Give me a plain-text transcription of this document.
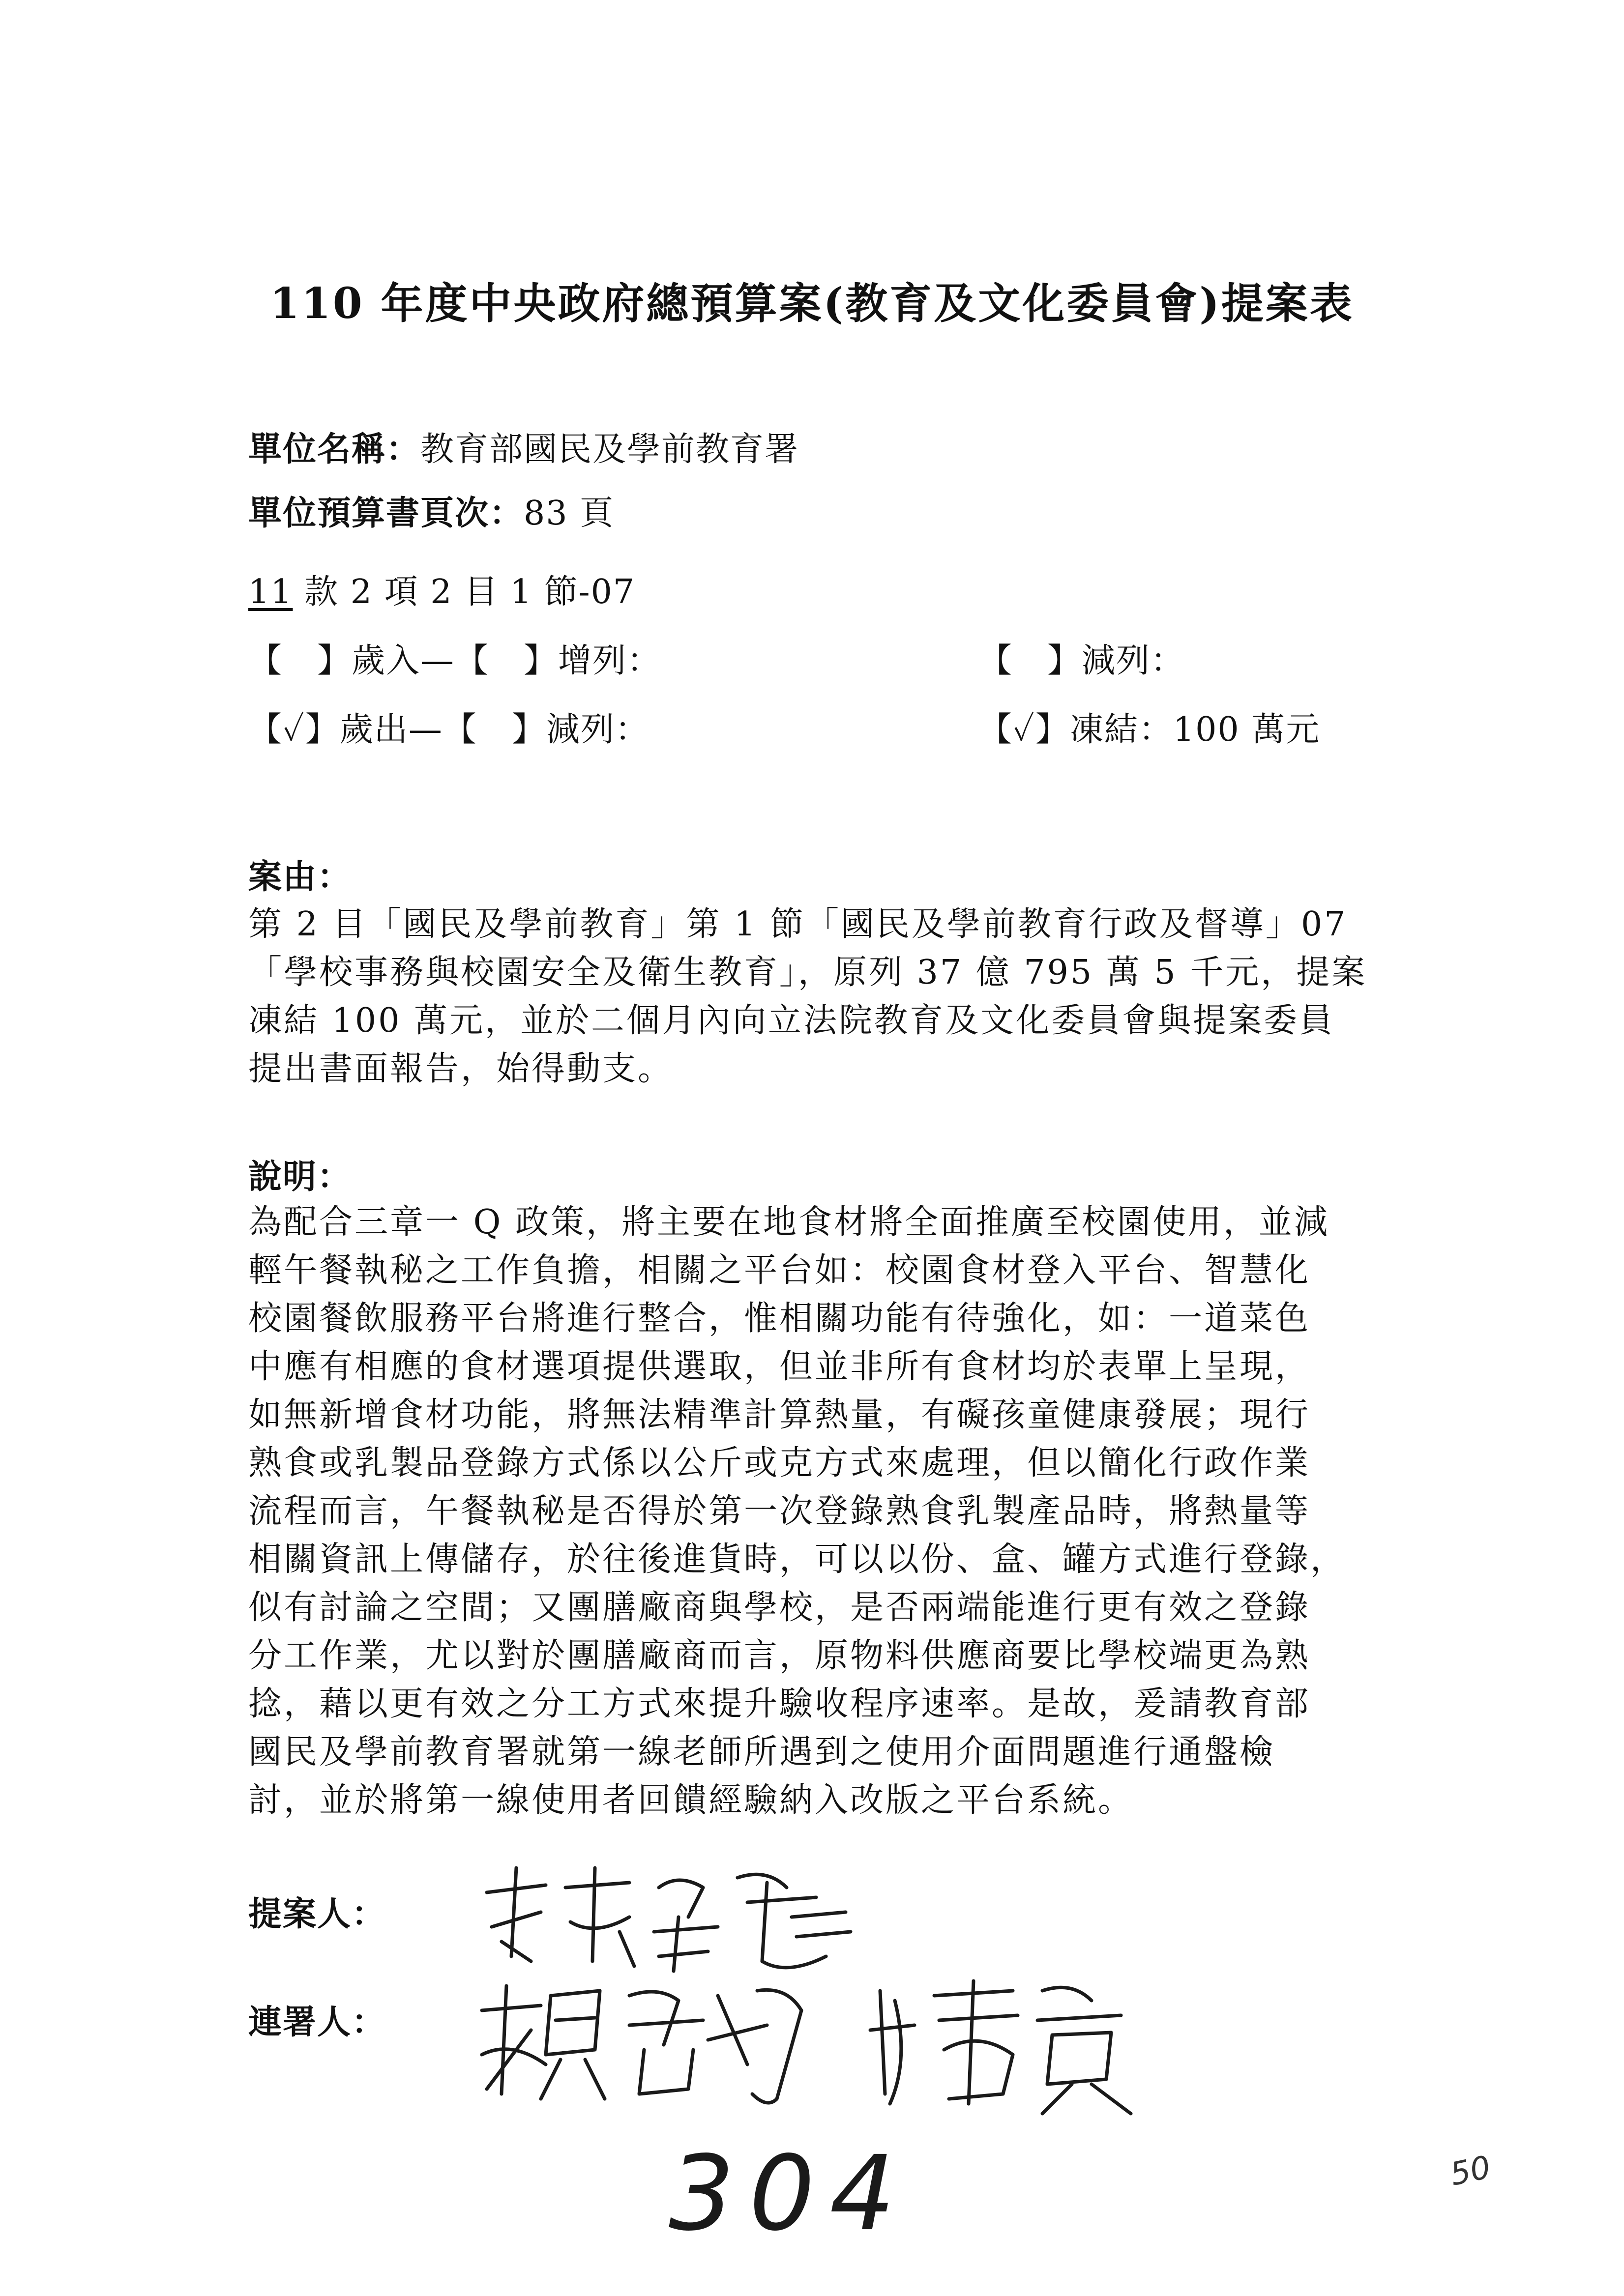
110 年度中央政府總預算案(教育及文化委員會)提案表
單位名稱：教育部國民及學前教育署
單位預算書頁次：83 頁
11 款 2 項 2 目 1 節-07
【　】歲入—【　】增列：	【　】減列：
【✓】歲出—【　】減列：	【✓】凍結：100 萬元
案由：
第 2 目「國民及學前教育」第 1 節「國民及學前教育行政及督導」07
「學校事務與校園安全及衛生教育」，原列 37 億 795 萬 5 千元，提案
凍結 100 萬元，並於二個月內向立法院教育及文化委員會與提案委員
提出書面報告，始得動支。
說明：
為配合三章一 Q 政策，將主要在地食材將全面推廣至校園使用，並減
輕午餐執秘之工作負擔，相關之平台如：校園食材登入平台、智慧化
校園餐飲服務平台將進行整合，惟相關功能有待強化，如：一道菜色
中應有相應的食材選項提供選取，但並非所有食材均於表單上呈現，
如無新增食材功能，將無法精準計算熱量，有礙孩童健康發展；現行
熟食或乳製品登錄方式係以公斤或克方式來處理，但以簡化行政作業
流程而言，午餐執秘是否得於第一次登錄熟食乳製產品時，將熱量等
相關資訊上傳儲存，於往後進貨時，可以以份、盒、罐方式進行登錄，
似有討論之空間；又團膳廠商與學校，是否兩端能進行更有效之登錄
分工作業，尤以對於團膳廠商而言，原物料供應商要比學校端更為熟
捻，藉以更有效之分工方式來提升驗收程序速率。是故，爰請教育部
國民及學前教育署就第一線老師所遇到之使用介面問題進行通盤檢
討，並於將第一線使用者回饋經驗納入改版之平台系統。
提案人：
連署人：
304	50
